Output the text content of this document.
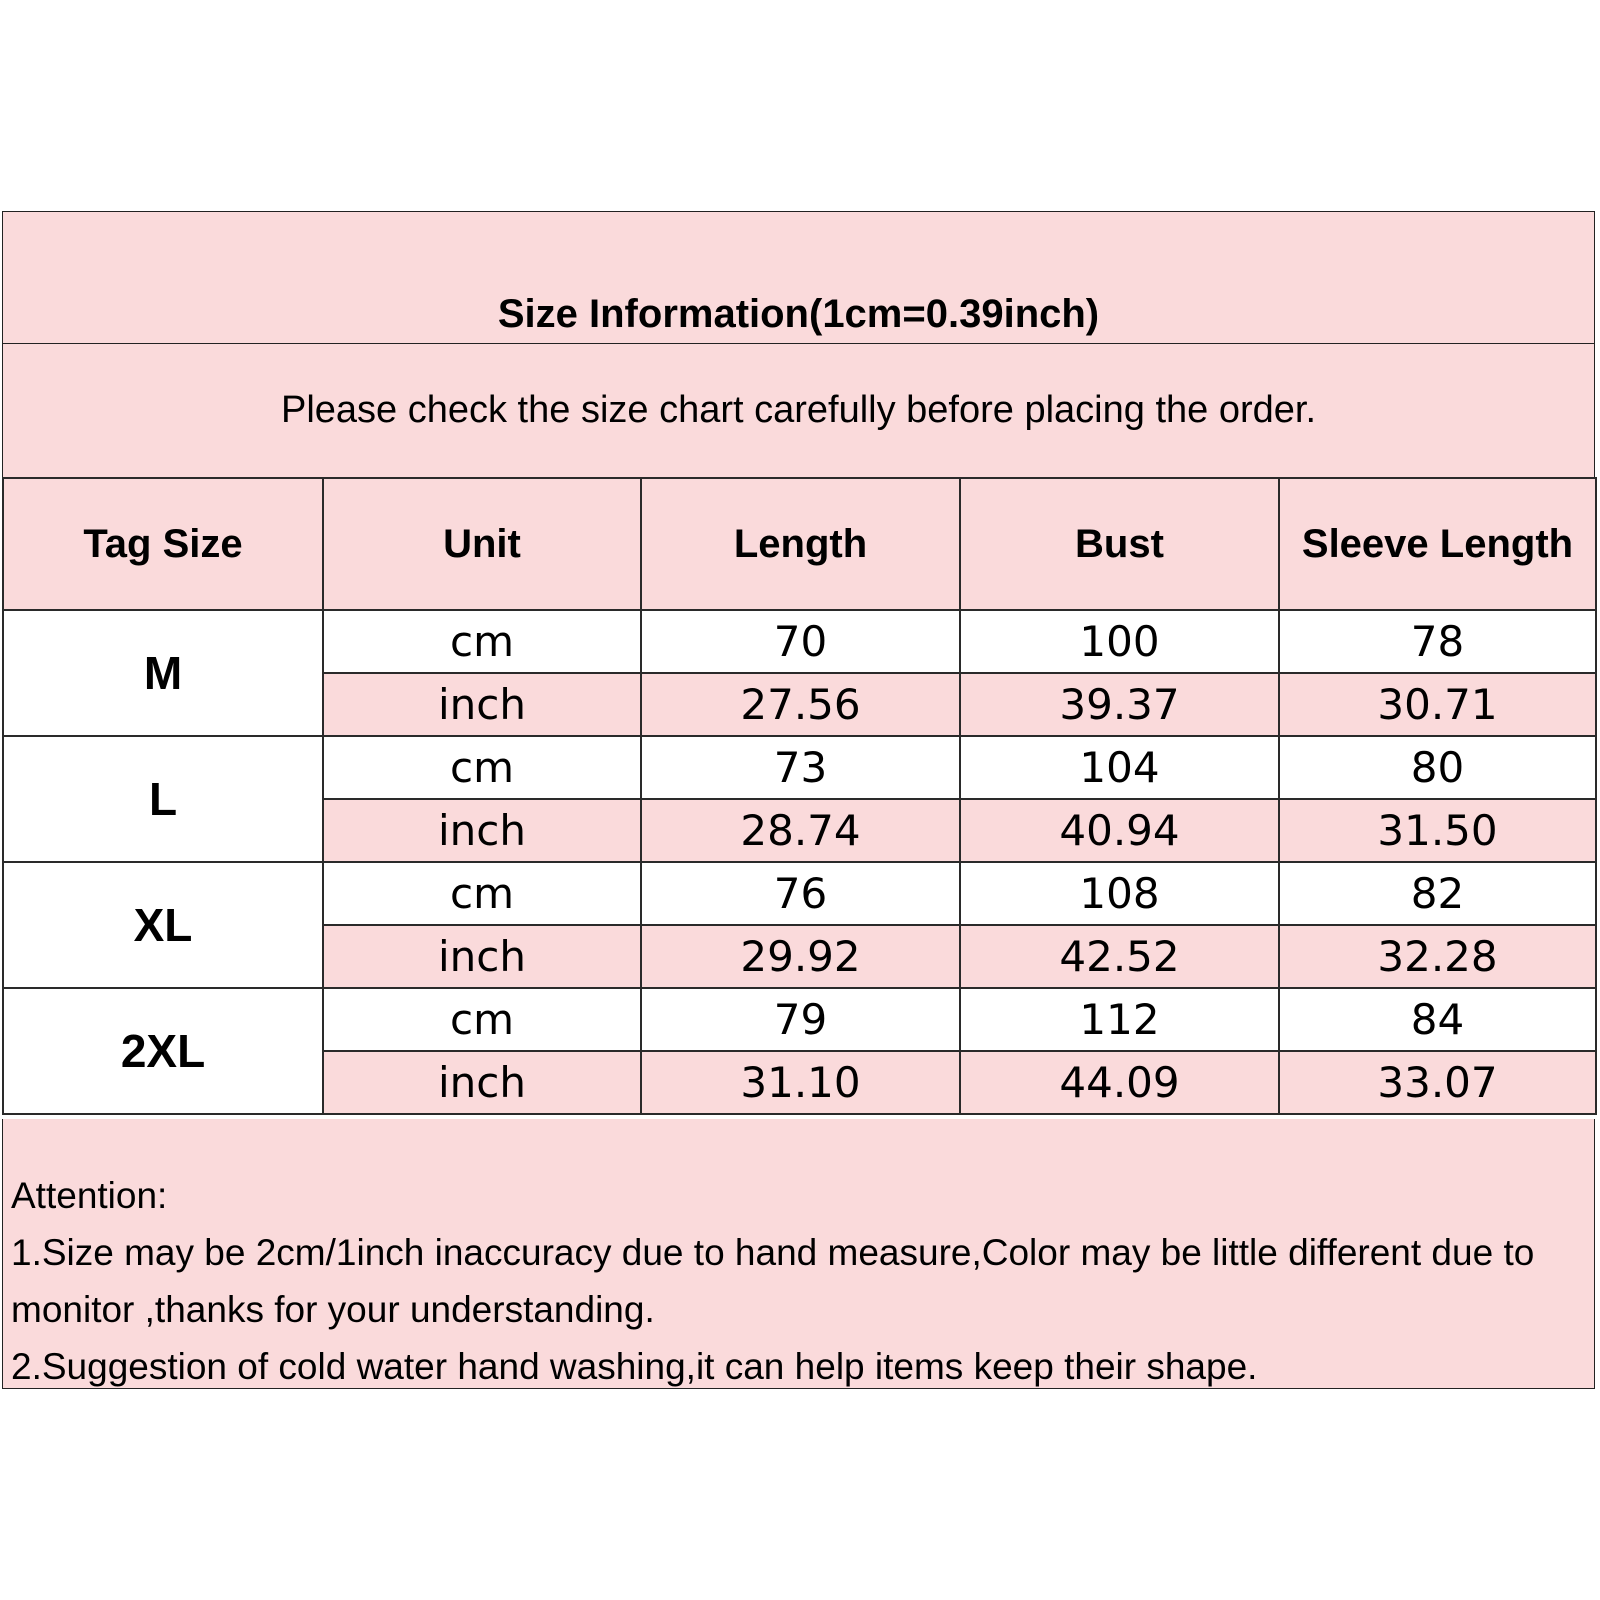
Size Information(1cm=0.39inch)
Please check the size chart carefully before placing the order.
Tag Size	Unit	Length	Bust	Sleeve Length
M	cm	70	100	78
	inch	27.56	39.37	30.71
L	cm	73	104	80
	inch	28.74	40.94	31.50
XL	cm	76	108	82
	inch	29.92	42.52	32.28
2XL	cm	79	112	84
	inch	31.10	44.09	33.07

Attention:

1.Size may be 2cm/1inch inaccuracy due to hand measure,Color may be little different due to monitor ,thanks for your understanding.

2.Suggestion of cold water hand washing,it can help items keep their shape.
